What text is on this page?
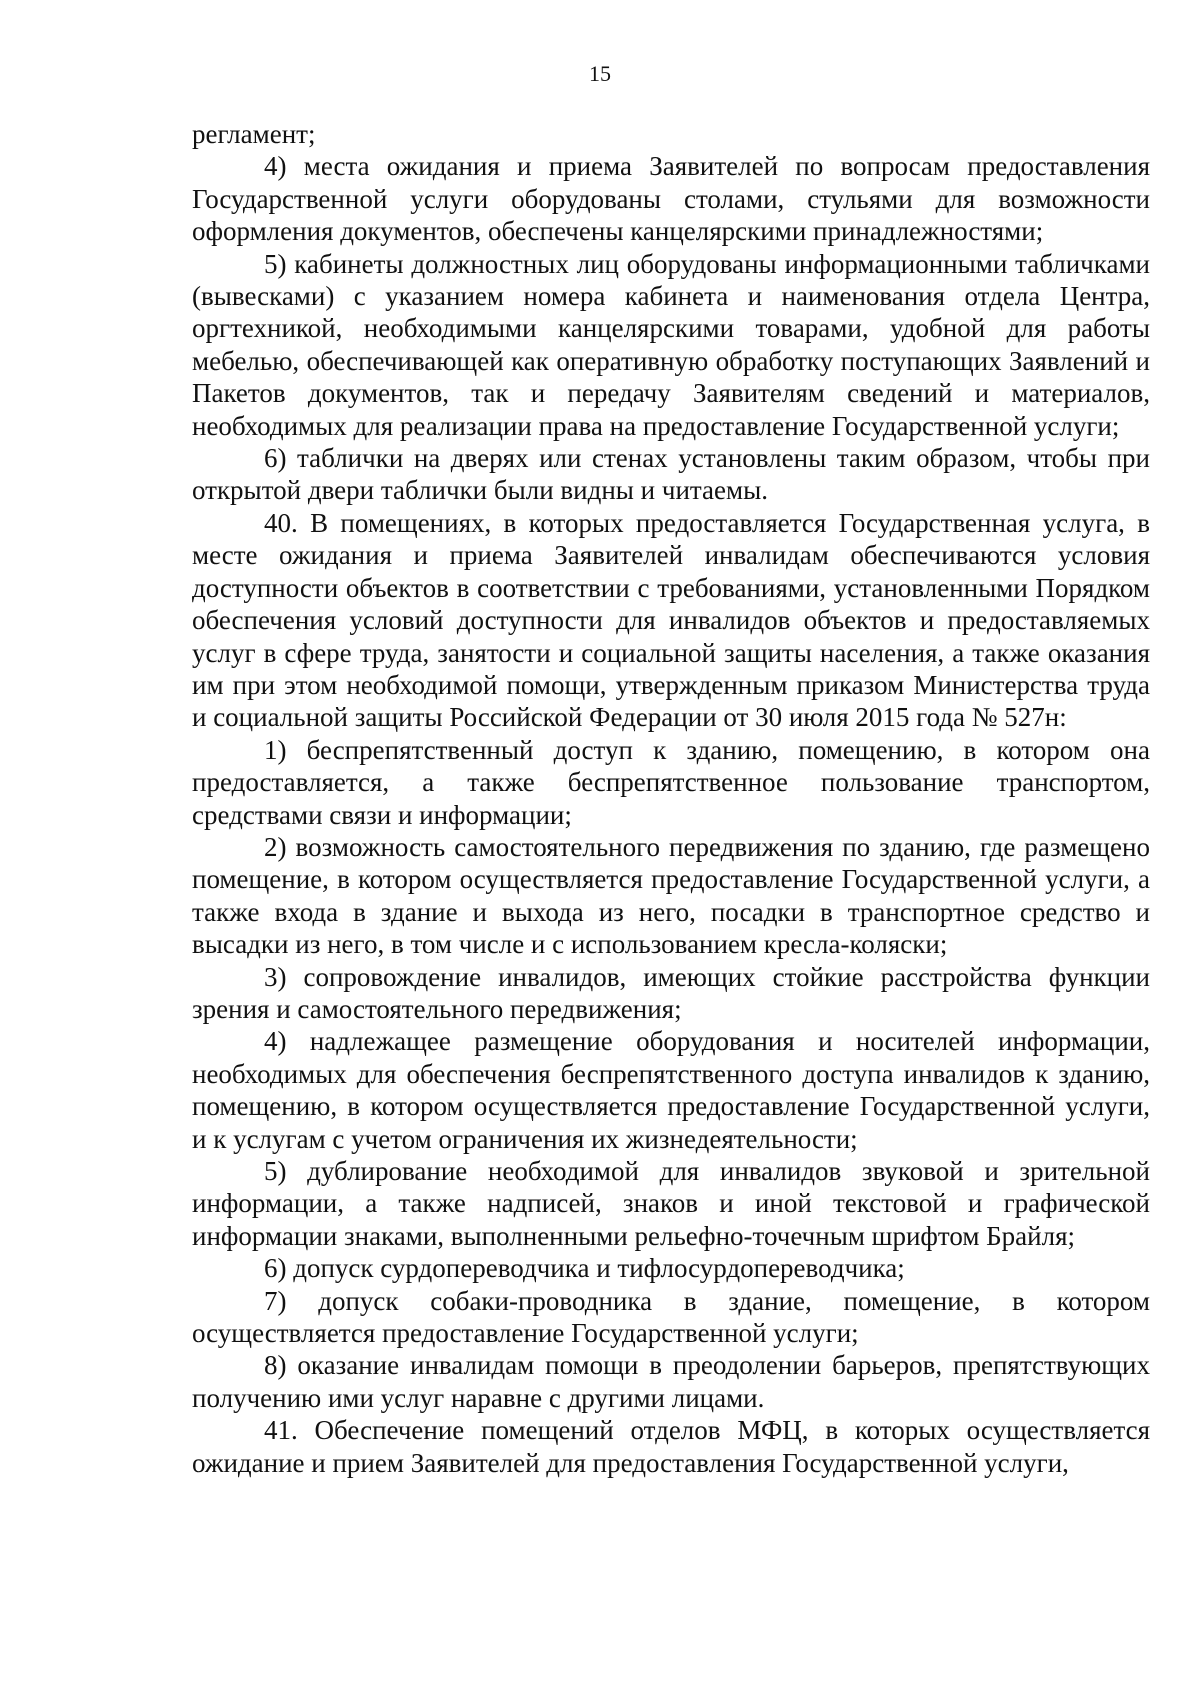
15

регламент;

4) места ожидания и приема Заявителей по вопросам предоставления Государственной услуги оборудованы столами, стульями для возможности оформления документов, обеспечены канцелярскими принадлежностями;

5) кабинеты должностных лиц оборудованы информационными табличками (вывесками) с указанием номера кабинета и наименования отдела Центра, оргтехникой, необходимыми канцелярскими товарами, удобной для работы мебелью, обеспечивающей как оперативную обработку поступающих Заявлений и Пакетов документов, так и передачу Заявителям сведений и материалов, необходимых для реализации права на предоставление Государственной услуги;

6) таблички на дверях или стенах установлены таким образом, чтобы при открытой двери таблички были видны и читаемы.

40. В помещениях, в которых предоставляется Государственная услуга, в месте ожидания и приема Заявителей инвалидам обеспечиваются условия доступности объектов в соответствии с требованиями, установленными Порядком обеспечения условий доступности для инвалидов объектов и предоставляемых услуг в сфере труда, занятости и социальной защиты населения, а также оказания им при этом необходимой помощи, утвержденным приказом Министерства труда и социальной защиты Российской Федерации от 30 июля 2015 года № 527н:

1) беспрепятственный доступ к зданию, помещению, в котором она предоставляется, а также беспрепятственное пользование транспортом, средствами связи и информации;

2) возможность самостоятельного передвижения по зданию, где размещено помещение, в котором осуществляется предоставление Государственной услуги, а также входа в здание и выхода из него, посадки в транспортное средство и высадки из него, в том числе и с использованием кресла-коляски;

3) сопровождение инвалидов, имеющих стойкие расстройства функции зрения и самостоятельного передвижения;

4) надлежащее размещение оборудования и носителей информации, необходимых для обеспечения беспрепятственного доступа инвалидов к зданию, помещению, в котором осуществляется предоставление Государственной услуги, и к услугам с учетом ограничения их жизнедеятельности;

5) дублирование необходимой для инвалидов звуковой и зрительной информации, а также надписей, знаков и иной текстовой и графической информации знаками, выполненными рельефно-точечным шрифтом Брайля;

6) допуск сурдопереводчика и тифлосурдопереводчика;

7) допуск собаки-проводника в здание, помещение, в котором осуществляется предоставление Государственной услуги;

8) оказание инвалидам помощи в преодолении барьеров, препятствующих получению ими услуг наравне с другими лицами.

41. Обеспечение помещений отделов МФЦ, в которых осуществляется ожидание и прием Заявителей для предоставления Государственной услуги,
